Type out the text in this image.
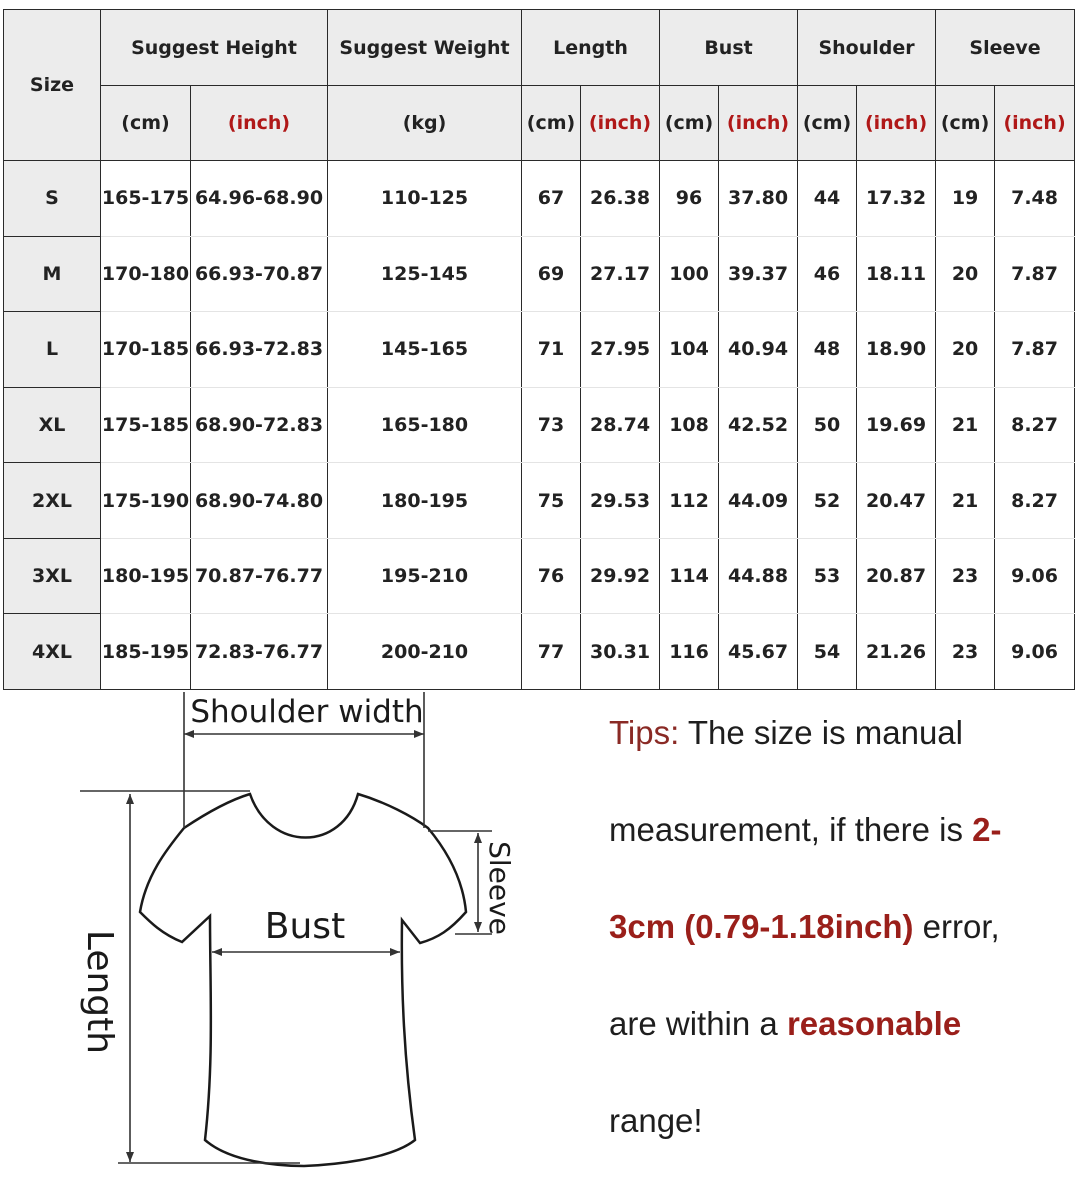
Size	Suggest Height		Suggest Weight	Length		Bust		Shoulder		Sleeve	
	(cm)	(inch)	(kg)	(cm)	(inch)	(cm)	(inch)	(cm)	(inch)	(cm)	(inch)
S	165-175	64.96-68.90	110-125	67	26.38	96	37.80	44	17.32	19	7.48
M	170-180	66.93-70.87	125-145	69	27.17	100	39.37	46	18.11	20	7.87
L	170-185	66.93-72.83	145-165	71	27.95	104	40.94	48	18.90	20	7.87
XL	175-185	68.90-72.83	165-180	73	28.74	108	42.52	50	19.69	21	8.27
2XL	175-190	68.90-74.80	180-195	75	29.53	112	44.09	52	20.47	21	8.27
3XL	180-195	70.87-76.77	195-210	76	29.92	114	44.88	53	20.87	23	9.06
4XL	185-195	72.83-76.77	200-210	77	30.31	116	45.67	54	21.26	23	9.06
Shoulder width
Bust
Length
Sleeve

Tips: The size is manual

measurement, if there is 2-

3cm (0.79-1.18inch) error,

are within a reasonable

range!
